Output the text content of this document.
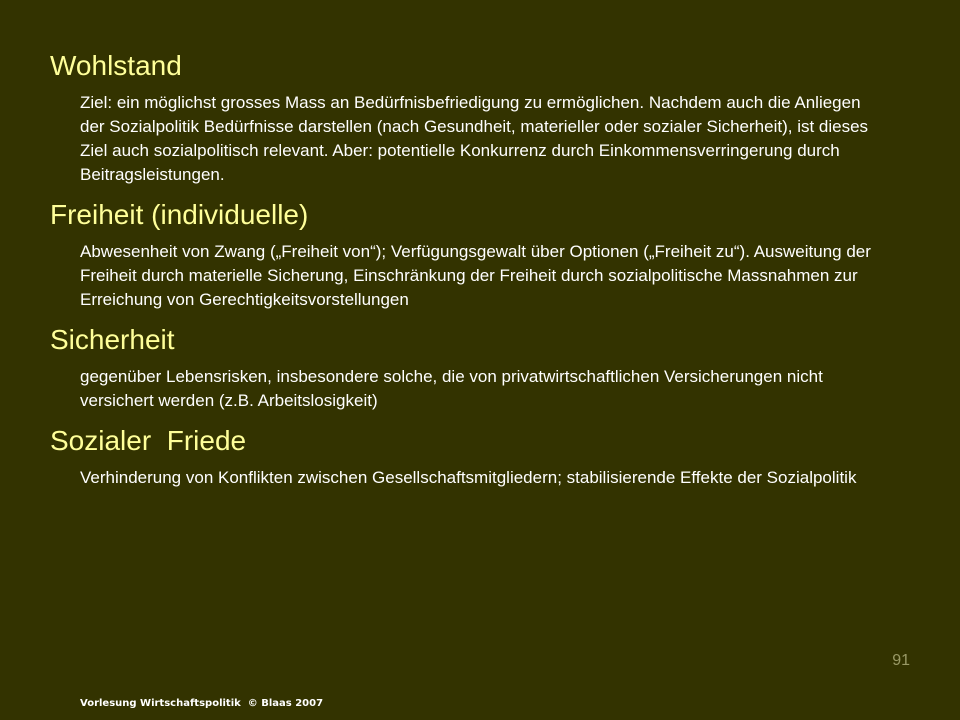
Wohlstand

Ziel: ein möglichst grosses Mass an Bedürfnisbefriedigung zu ermöglichen. Nachdem auch die Anliegen der Sozialpolitik Bedürfnisse darstellen (nach Gesundheit, materieller oder sozialer Sicherheit), ist dieses Ziel auch sozialpolitisch relevant. Aber: potentielle Konkurrenz durch Einkommensverringerung durch Beitragsleistungen.

Freiheit (individuelle)

Abwesenheit von Zwang („Freiheit von“); Verfügungsgewalt über Optionen („Freiheit zu“). Ausweitung der Freiheit durch materielle Sicherung, Einschränkung der Freiheit durch sozialpolitische Massnahmen zur Erreichung von Gerechtigkeitsvorstellungen

Sicherheit

gegenüber Lebensrisken, insbesondere solche, die von privatwirtschaftlichen Versicherungen nicht versichert werden (z.B. Arbeitslosigkeit)

Sozialer  Friede

Verhinderung von Konflikten zwischen Gesellschaftsmitgliedern; stabilisierende Effekte der Sozialpolitik

91
Vorlesung Wirtschaftspolitik  © Blaas 2007
